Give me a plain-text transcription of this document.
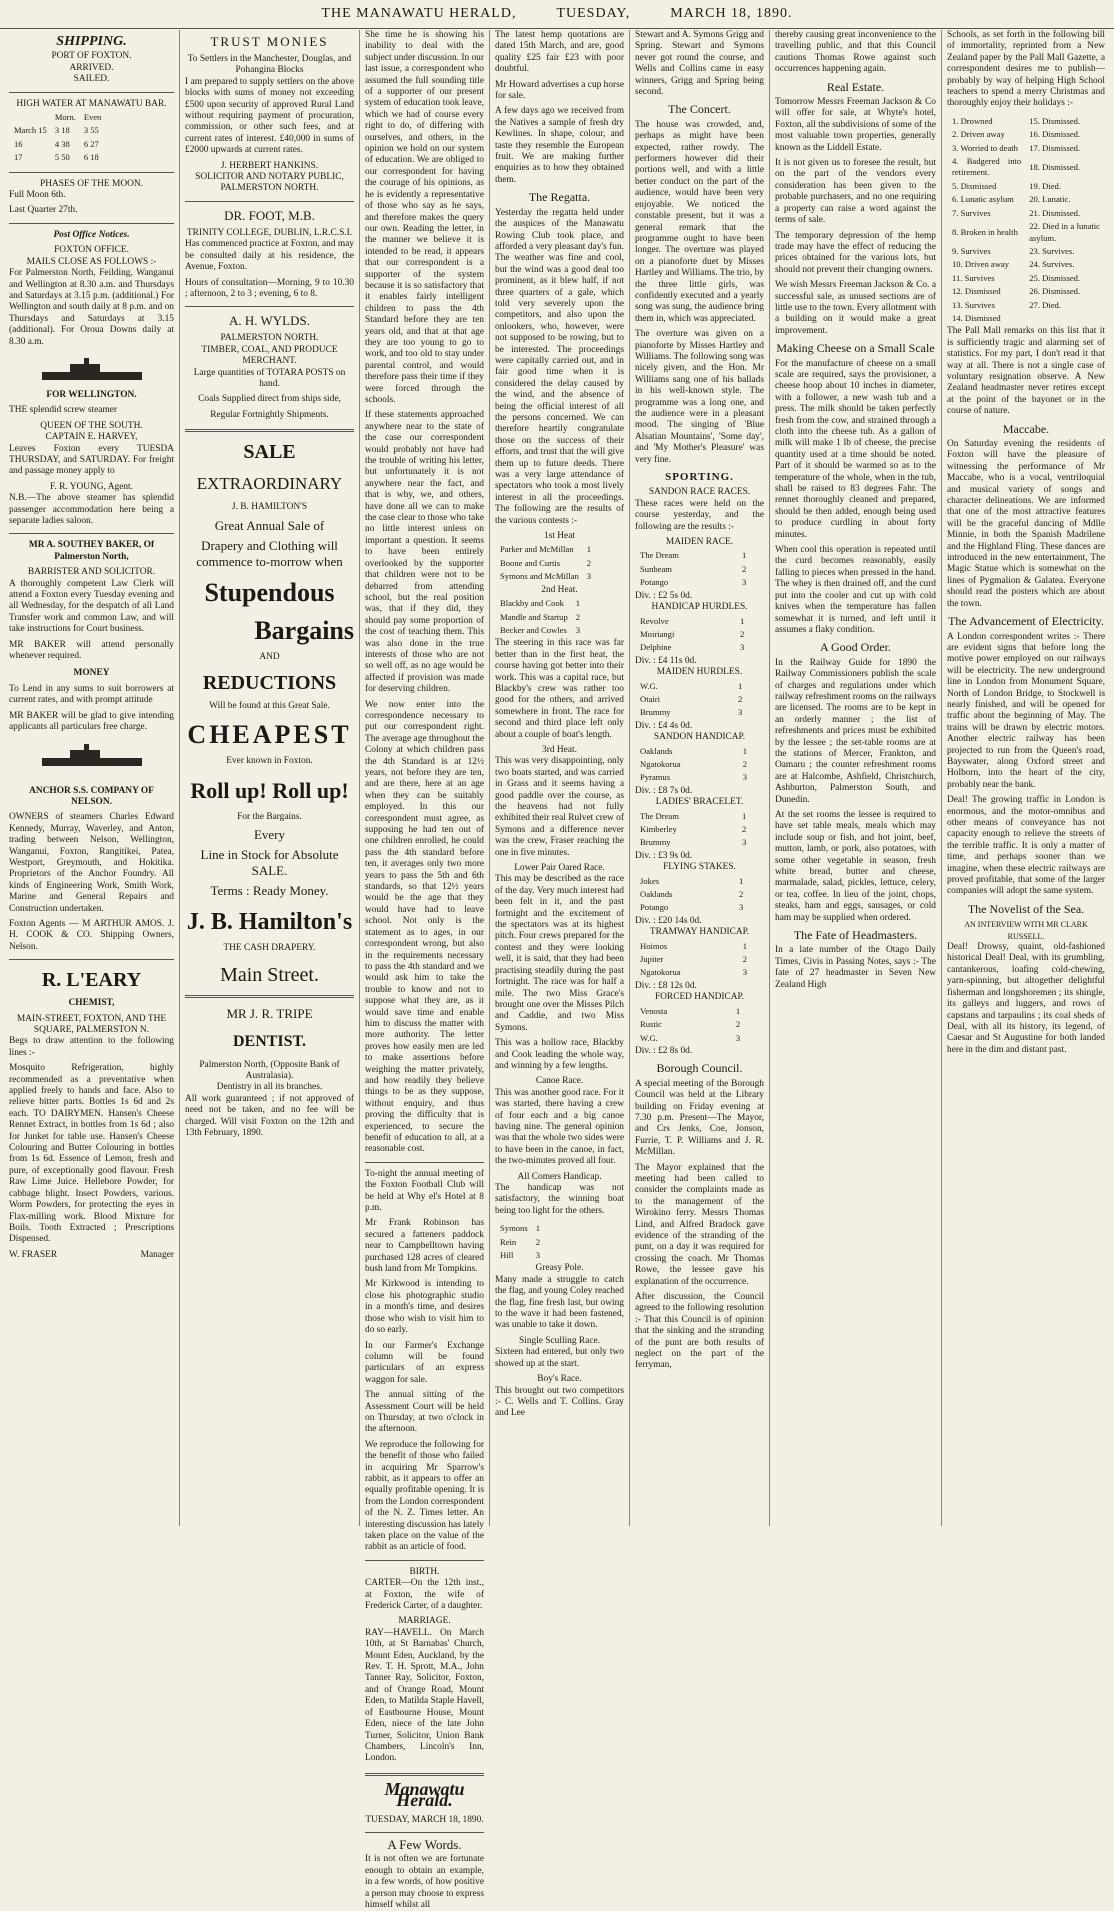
THE MANAWATU HERALD,	TUESDAY,	MARCH 18, 1890.
SHIPPING.
PORT OF FOXTON.
ARRIVED.
SAILED.
HIGH WATER AT MANAWATU BAR.
	Morn.	Even
March 15	3 18	3 55
16	4 38	6 27
17	5 50	6 18
PHASES OF THE MOON.

Full Moon 6th.

Last Quarter 27th.

Post Office Notices.
FOXTON OFFICE.
MAILS CLOSE AS FOLLOWS :-

For Palmerston North, Feilding, Wanganui and Wellington at 8.30 a.m. and Thursdays and Saturdays at 3.15 p.m. (additional.) For Wellington and south daily at 8 p.m. and on Thursdays and Saturdays at 3.15 (additional). For Oroua Downs daily at 8.30 a.m.

FOR WELLINGTON.

THE splendid screw steamer

QUEEN OF THE SOUTH.
CAPTAIN E. HARVEY,

Leaves Foxton every TUESDA THURSDAY, and SATURDAY. For freight and passage money apply to

F. R. YOUNG, Agent.

N.B.—The above steamer has splendid passenger accommodation here being a separate ladies saloon.

MR A. SOUTHEY BAKER, Of Palmerston North,
BARRISTER AND SOLICITOR.

A thoroughly competent Law Clerk will attend a Foxton every Tuesday evening and all Wednesday, for the despatch of all Land Transfer work and common Law, and will take instructions for Court business.

MR BAKER will attend personally whenever required.

MONEY

To Lend in any sums to suit borrowers at current rates, and with prompt attitude

MR BAKER will be glad to give intending applicants all particulars free charge.

ANCHOR S.S. COMPANY OF NELSON.

OWNERS of steamers Charles Edward Kennedy, Murray, Waverley, and Anton, trading between Nelson, Wellington, Wanganui, Foxton, Rangitikei, Patea, Westport, Greymouth, and Hokitika. Proprietors of the Anchor Foundry. All kinds of Engineering Work, Smith Work, Marine and General Repairs and Construction undertaken.

Foxton Agents — M ARTHUR AMOS. J. H. COOK & CO. Shipping Owners, Nelson.

R. L'EARY
CHEMIST,
MAIN-STREET, FOXTON, AND THE SQUARE, PALMERSTON N.

Begs to draw attention to the following lines :-

Mosquito Refrigeration, highly recommended as a preventative when applied freely to hands and face. Also to relieve bitter parts. Bottles 1s 6d and 2s each. TO DAIRYMEN. Hansen's Cheese Rennet Extract, in bottles from 1s 6d ; also for Junket for table use. Hansen's Cheese Colouring and Butter Colouring in bottles from 1s 6d. Essence of Lemon, fresh and pure, of exceptionally good flavour. Fresh Raw Lime Juice. Hellebore Powder, for cabbage blight. Insect Powders, various. Worm Powders, for protecting the eyes in Flax-milling work. Blood Mixture for Boils. Tooth Extracted ; Prescriptions Dispensed.

W. FRASER	Manager
TRUST MONIES
To Settlers in the Manchester, Douglas, and Pohangina Blocks

I am prepared to supply settlers on the above blocks with sums of money not exceeding £500 upon security of approved Rural Land without requiring payment of procuration, commission, or other such fees, and at current rates of interest. £40,000 in sums of £2000 upwards at current rates.

J. HERBERT HANKINS.
SOLICITOR AND NOTARY PUBLIC, PALMERSTON NORTH.
DR. FOOT, M.B.
TRINITY COLLEGE, DUBLIN, L.R.C.S.I.

Has commenced practice at Foxton, and may be consulted daily at his residence, the Avenue, Foxton.

Hours of consultation—Morning, 9 to 10.30 ; afternoon, 2 to 3 ; evening, 6 to 8.

A. H. WYLDS.
PALMERSTON NORTH.
TIMBER, COAL, AND PRODUCE MERCHANT.

Large quantities of TOTARA POSTS on hand.

Coals Supplied direct from ships side,

Regular Fortnightly Shipments.

SALE
EXTRAORDINARY
J. B. HAMILTON'S
Great Annual Sale of
Drapery and Clothing will commence to-morrow when
Stupendous
Bargains
AND
REDUCTIONS
Will be found at this Great Sale.
CHEAPEST
Ever known in Foxton.
Roll up! Roll up!
For the Bargains.
Every
Line in Stock for Absolute SALE.
Terms : Ready Money.
J. B. Hamilton's
THE CASH DRAPERY.
Main Street.
MR J. R. TRIPE
DENTIST.
Palmerston North, (Opposite Bank of Australasia).
Dentistry in all its branches.

All work guaranteed ; if not approved of need not be taken, and no fee will be charged. Will visit Foxton on the 12th and 13th February, 1890.

She time he is showing his inability to deal with the subject under discussion. In our last issue, a correspondent who assumed the full sounding title of a supporter of our present system of education took leave, which we had of course every right to do, of differing with ourselves, and others, in the opinion we hold on our system of education. We are obliged to our correspondent for having the courage of his opinions, as he is evidently a representative of those who say as he says, and therefore makes the query our own. Reading the letter, in the manner we believe it is intended to be read, it appears that our correspondent is a supporter of the system because it is so satisfactory that it enables fairly intelligent children to pass the 4th Standard before they are ten years old, and that at that age they are too young to go to work, and too old to stay under parental control, and would therefore pass their time if they were forced through the schools.

If these statements approached anywhere near to the state of the case our correspondent would probably not have had the trouble of writing his letter, but unfortunately it is not anywhere near the fact, and that is why, we, and others, have done all we can to make the case clear to those who take no little interest unless on important a question. It seems to have been entirely overlooked by the supporter that children were not to be debarred from attending school, but the real position was, that if they did, they should pay some proportion of the cost of teaching them. This was also done in the true interests of those who are not so well off, as no age would be affected if provision was made for deserving children.

We now enter into the correspondence necessary to put our correspondent right. The average age throughout the Colony at which children pass the 4th Standard is at 12½ years, not before they are ten, and are there, here at an age when they can be suitably employed. In this our correspondent must agree, as supposing he had ten out of one children enrolled, he could pass the 4th standard before ten, it averages only two more years to pass the 5th and 6th standards, so that 12½ years would be the age that they would have had to leave school. Not only is the statement as to ages, in our correspondent wrong, but also in the requirements necessary to pass the 4th standard and we would ask him to take the trouble to know and not to suppose what they are, as it would save time and enable him to discuss the matter with more authority. The letter proves how easily men are led to make assertions before weighing the matter privately, and how readily they believe things to be as they suppose, without enquiry, and thus proving the difficulty that is experienced, to secure the benefit of education to all, at a reasonable cost.

To-night the annual meeting of the Foxton Football Club will be held at Why el's Hotel at 8 p.m.

Mr Frank Robinson has secured a fatteners paddock near to Campbelltown having purchased 128 acres of cleared bush land from Mr Tompkins.

Mr Kirkwood is intending to close his photographic studio in a month's time, and desires those who wish to visit him to do so early.

In our Farmer's Exchange column will be found particulars of an express waggon for sale.

The annual sitting of the Assessment Court will be held on Thursday, at two o'clock in the afternoon.

We reproduce the following for the benefit of those who failed in acquiring Mr Sparrow's rabbit, as it appears to offer an equally profitable opening. It is from the London correspondent of the N. Z. Times letter. An interesting discussion has lately taken place on the value of the rabbit as an article of food.

BIRTH.

CARTER—On the 12th inst., at Foxton, the wife of Frederick Carter, of a daughter.

MARRIAGE.

RAY—HAVELL. On March 10th, at St Barnabas' Church, Mount Eden, Auckland, by the Rev. T. H. Sprott, M.A., John Tanner Ray, Solicitor, Foxton, and of Orange Road, Mount Eden, to Matilda Staple Havell, of Eastbourne House, Mount Eden, niece of the late John Turner, Solicitor, Union Bank Chambers, Lincoln's Inn, London.

Manawatu Herald.
TUESDAY, MARCH 18, 1890.
A Few Words.

It is not often we are fortunate enough to obtain an example, in a few words, of how positive a person may choose to express himself whilst all

The latest hemp quotations are dated 15th March, and are, good quality £25 fair £23 with poor doubtful.

Mr Howard advertises a cup horse for sale.

A few days ago we received from the Natives a sample of fresh dry Kewlines. In shape, colour, and taste they resemble the European fruit. We are making further enquiries as to how they obtained them.

The Regatta.

Yesterday the regatta held under the auspices of the Manawatu Rowing Club took place, and afforded a very pleasant day's fun. The weather was fine and cool, but the wind was a good deal too prominent, as it blew half, if not three quarters of a gale, which told very severely upon the competitors, and also upon the onlookers, who, however, were not supposed to be rowing, but to be interested. The proceedings were capitally carried out, and in fair good time when it is considered the delay caused by the wind, and the absence of being the official interest of all the persons concerned. We can therefore heartily congratulate those on the success of their efforts, and trust that the will give them up to future deeds. There was a very large attendance of spectators who took a most lively interest in all the proceedings. The following are the results of the various contests :-

1st Heat
Parker and McMillan	1
Boone and Curtis	2
Symons and McMillan	3
2nd Heat.
Blackby and Cook	1
Mandle and Startup	2
Becker and Cowles	3

The steering in this race was far better than in the first heat, the course having got better into their work. This was a capital race, but Blackby's crew was rather too good for the others, and arrived somewhere in front. The race for second and third place left only about a couple of boat's length.

3rd Heat.

This was very disappointing, only two boats started, and was carried in Grass and it seems having a good paddle over the course, as the heavens had not fully exhibited their real Rulvet crew of Symons and a difference never was the crew, Fraser reaching the one in five minutes.

Lower Pair Oared Race.

This may be described as the race of the day. Very much interest had been felt in it, and the past fortnight and the excitement of the spectators was at its highest pitch. Four crews prepared for the contest and they were looking well, it is said, that they had been practising steadily during the past fortnight. The race was for half a mile. The two Miss Grace's brought one over the Misses Pilch and Caddie, and two Miss Symons.

This was a hollow race, Blackby and Cook leading the whole way, and winning by a few lengths.

Canoe Race.

This was another good race. For it was started, there having a crew of four each and a big canoe having nine. The general opinion was that the whole two sides were to have been in the canoe, in fact, the two-minutes proved all four.

All Comers Handicap.

The handicap was not satisfactory, the winning boat being too light for the others.

Symons	1
Rein	2
Hill	3
Greasy Pole.

Many made a struggle to catch the flag, and young Coley reached the flag, fine fresh last, but owing to the wave it had been fastened, was unable to take it down.

Single Sculling Race.

Sixteen had entered, but only two showed up at the start.

Boy's Race.

This brought out two competitors :- C. Wells and T. Collins. Gray and Lee

Stewart and A. Symons Grigg and Spring. Stewart and Symons never got round the course, and Wells and Collins came in easy winners, Grigg and Spring being second.

The Concert.

The house was crowded, and, perhaps as might have been expected, rather rowdy. The performers however did their portions well, and with a little better conduct on the part of the audience, would have been very enjoyable. We noticed the constable present, but it was a general remark that the programme ought to have been longer. The overture was played on a pianoforte duet by Misses Hartley and Williams. The trio, by the three little girls, was confidently executed and a yearly song was sung, the audience bring them in, which was appreciated.

The overture was given on a pianoforte by Misses Hartley and Williams. The following song was nicely given, and the Hon. Mr Williams sang one of his ballads in his well-known style. The programme was a long one, and the audience were in a pleasant mood. The singing of 'Blue Alsatian Mountains', 'Some day', and 'My Mother's Pleasure' was very fine.

SPORTING.
SANDON RACE RACES.

These races were held on the course yesterday, and the following are the results :-

MAIDEN RACE.
The Dream	1
Sunbeam	2
Potango	3
Div. : £2 5s 0d.
HANDICAP HURDLES.
Revolve	1
Moiriangi	2
Delphine	3
Div. : £4 11s 0d.
MAIDEN HURDLES.
W.G.	1
Otairi	2
Brummy	3
Div. : £4 4s 0d.
SANDON HANDICAP.
Oaklands	1
Ngatokorua	2
Pyramus	3
Div. : £8 7s 0d.
LADIES' BRACELET.
The Dream	1
Kimberley	2
Brummy	3
Div. : £3 9s 0d.
FLYING STAKES.
Jokes	1
Oaklands	2
Potango	3
Div. : £20 14s 0d.
TRAMWAY HANDICAP.
Hoimos	1
Jupiter	2
Ngatokorua	3
Div. : £8 12s 0d.
FORCED HANDICAP.
Venosta	1
Rustic	2
W.G.	3
Div. : £2 8s 0d.
Borough Council.

A special meeting of the Borough Council was held at the Library building on Friday evening at 7.30 p.m. Present—The Mayor, and Crs Jenks, Coe, Jonson, Furrie, T. P. Williams and J. R. McMillan.

The Mayor explained that the meeting had been called to consider the complaints made as to the management of the Wirokino ferry. Messrs Thomas Lind, and Alfred Bradock gave evidence of the stranding of the punt, on a day it was required for crossing the coach. Mr Thomas Rowe, the lessee gave his explanation of the occurrence.

After discussion, the Council agreed to the following resolution :- That this Council is of opinion that the sinking and the stranding of the punt are both results of neglect on the part of the ferryman,

thereby causing great inconvenience to the travelling public, and that this Council cautions Thomas Rowe against such occurrences happening again.

Real Estate.

Tomorrow Messrs Freeman Jackson & Co will offer for sale, at Whyte's hotel, Foxton, all the subdivisions of some of the most valuable town properties, generally known as the Liddell Estate.

It is not given us to foresee the result, but on the part of the vendors every consideration has been given to the probable purchasers, and no one requiring a property can raise a word against the terms of sale.

The temporary depression of the hemp trade may have the effect of reducing the prices obtained for the various lots, but should not prevent their changing owners.

We wish Messrs Freeman Jackson & Co. a successful sale, as unused sections are of little use to the town. Every allotment with a building on it would make a great improvement.

Making Cheese on a Small Scale

For the manufacture of cheese on a small scale are required, says the provisioner, a cheese hoop about 10 inches in diameter, with a follower, a new wash tub and a press. The milk should be taken perfectly fresh from the cow, and strained through a cloth into the cheese tub. As a gallon of milk will make 1 lb of cheese, the precise quantity used at a time should be noted. Part of it should be warmed so as to the temperature of the whole, when in the tub, shall be raised to 83 degrees Fahr. The rennet thoroughly cleaned and prepared, should be then added, enough being used to produce curdling in about forty minutes.

When cool this operation is repeated until the curd becomes reasonably, easily falling to pieces when pressed in the hand. The whey is then drained off, and the curd put into the cooler and cut up with cold knives when the temperature has fallen somewhat it is turned, and left until it assumes a flaky condition.

A Good Order.

In the Railway Guide for 1890 the Railway Commissioners publish the scale of charges and regulations under which railway refreshment rooms on the railways are licensed. The rooms are to be kept in an orderly manner ; the list of refreshments and prices must be exhibited by the lessee ; the set-table rooms are at the stations of Mercer, Frankton, and Oamaru ; the counter refreshment rooms are at Halcombe, Ashfield, Christchurch, Ashburton, Palmerston South, and Dunedin.

At the set rooms the lessee is required to have set table meals, meals which may include soup or fish, and hot joint, beef, mutton, lamb, or pork, also potatoes, with some other vegetable in season, fresh white bread, butter and cheese, marmalade, salad, pickles, lettuce, celery, or tea, coffee. In lieu of the joint, chops, steaks, ham and eggs, sausages, or cold ham may be supplied when ordered.

The Fate of Headmasters.

In a late number of the Otago Daily Times, Civis in Passing Notes, says :- The fate of 27 headmaster in Seven New Zealand High

Schools, as set forth in the following bill of immortality, reprinted from a New Zealand paper by the Pall Mall Gazette, a correspondent desires me to publish—probably by way of helping High School teachers to spend a merry Christmas and thoroughly enjoy their holidays :-

1. Drowned	15. Dismissed.
2. Driven away	16. Dismissed.
3. Worried to death	17. Dismissed.
4. Badgered into retirement.	18. Dismissed.
5. Dismissed	19. Died.
6. Lunatic asylum	20. Lunatic.
7. Survives	21. Dismissed.
8. Broken in health	22. Died in a lunatic asylum.
9. Survives	23. Survives.
10. Driven away	24. Survives.
11. Survives	25. Dismissed.
12. Dismissed	26. Dismissed.
13. Survives	27. Died.
14. Dismissed	

The Pall Mall remarks on this list that it is sufficiently tragic and alarming set of statistics. For my part, I don't read it that way at all. There is not a single case of voluntary resignation observe. A New Zealand headmaster never retires except at the point of the bayonet or in the course of nature.

Maccabe.

On Saturday evening the residents of Foxton will have the pleasure of witnessing the performance of Mr Maccabe, who is a vocal, ventriloquial and musical variety of songs and character delineations. We are informed that one of the most attractive features will be the graceful dancing of Mdlle Minnie, in both the Spanish Madrilene and the Highland Fling. These dances are introduced in the new entertainment, The Magic Statue which is somewhat on the lines of Pygmalion & Galatea. Everyone should read the posters which are about the town.

The Advancement of Electricity.

A London correspondent writes :- There are evident signs that before long the motive power employed on our railways will be electricity. The new underground line in London from Monument Square, North of London Bridge, to Stockwell is nearly finished, and will be opened for traffic about the beginning of May. The trains will be drawn by electric motors. Another electric railway has been projected to run from the Queen's road, Bayswater, along Oxford street and Holborn, into the heart of the city, probably near the bank.

Deal! The growing traffic in London is enormous, and the motor-omnibus and other means of conveyance has not capacity enough to relieve the streets of the terrible traffic. It is only a matter of time, and perhaps sooner than we imagine, when these electric railways are proved profitable, that some of the larger companies will adopt the same system.

The Novelist of the Sea.
AN INTERVIEW WITH MR CLARK RUSSELL.

Deal! Drowsy, quaint, old-fashioned historical Deal! Deal, with its grumbling, cantankerous, loafing cold-chewing, yarn-spinning, but altogether delightful fisherman and longshoremen ; its shingle, its galleys and luggers, and rows of capstans and tarpaulins ; its coal sheds of Deal, with all its history, its legend, of Caesar and St Augustine for both landed here in the dim and distant past.
